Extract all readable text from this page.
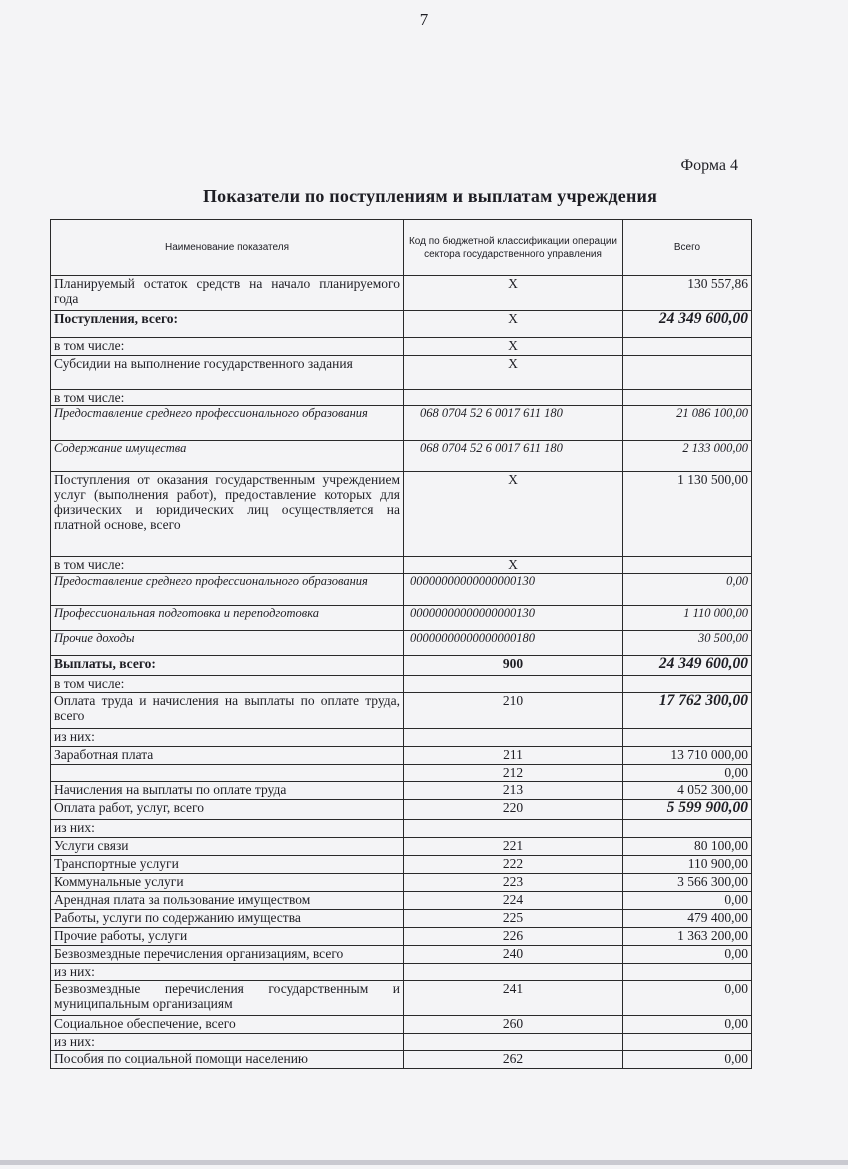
7
Форма 4
Показатели по поступлениям и выплатам учреждения
Наименование показателя	Код по бюджетной классификации операции сектора государственного управления	Всего
Планируемый остаток средств на начало планируемого года	X	130 557,86
Поступления, всего:	X	24 349 600,00
в том числе:	X	
Субсидии на выполнение государственного задания	X	
в том числе:		
Предоставление среднего профессионального образования	068 0704 52 6 0017 611 180	21 086 100,00
Содержание имущества	068 0704 52 6 0017 611 180	2 133 000,00
Поступления от оказания государственным учреждением услуг (выполнения работ), предоставление которых для физических и юридических лиц осуществляется на платной основе, всего	X	1 130 500,00
в том числе:	X	
Предоставление среднего профессионального образования	00000000000000000130	0,00
Профессиональная подготовка и переподготовка	00000000000000000130	1 110 000,00
Прочие доходы	00000000000000000180	30 500,00
Выплаты, всего:	900	24 349 600,00
в том числе:		
Оплата труда и начисления на выплаты по оплате труда, всего	210	17 762 300,00
из них:		
Заработная плата	211	13 710 000,00
	212	0,00
Начисления на выплаты по оплате труда	213	4 052 300,00
Оплата работ, услуг, всего	220	5 599 900,00
из них:		
Услуги связи	221	80 100,00
Транспортные услуги	222	110 900,00
Коммунальные услуги	223	3 566 300,00
Арендная плата за пользование имуществом	224	0,00
Работы, услуги по содержанию имущества	225	479 400,00
Прочие работы, услуги	226	1 363 200,00
Безвозмездные перечисления организациям, всего	240	0,00
из них:		
Безвозмездные перечисления государственным и муниципальным организациям	241	0,00
Социальное обеспечение, всего	260	0,00
из них:		
Пособия по социальной помощи населению	262	0,00
